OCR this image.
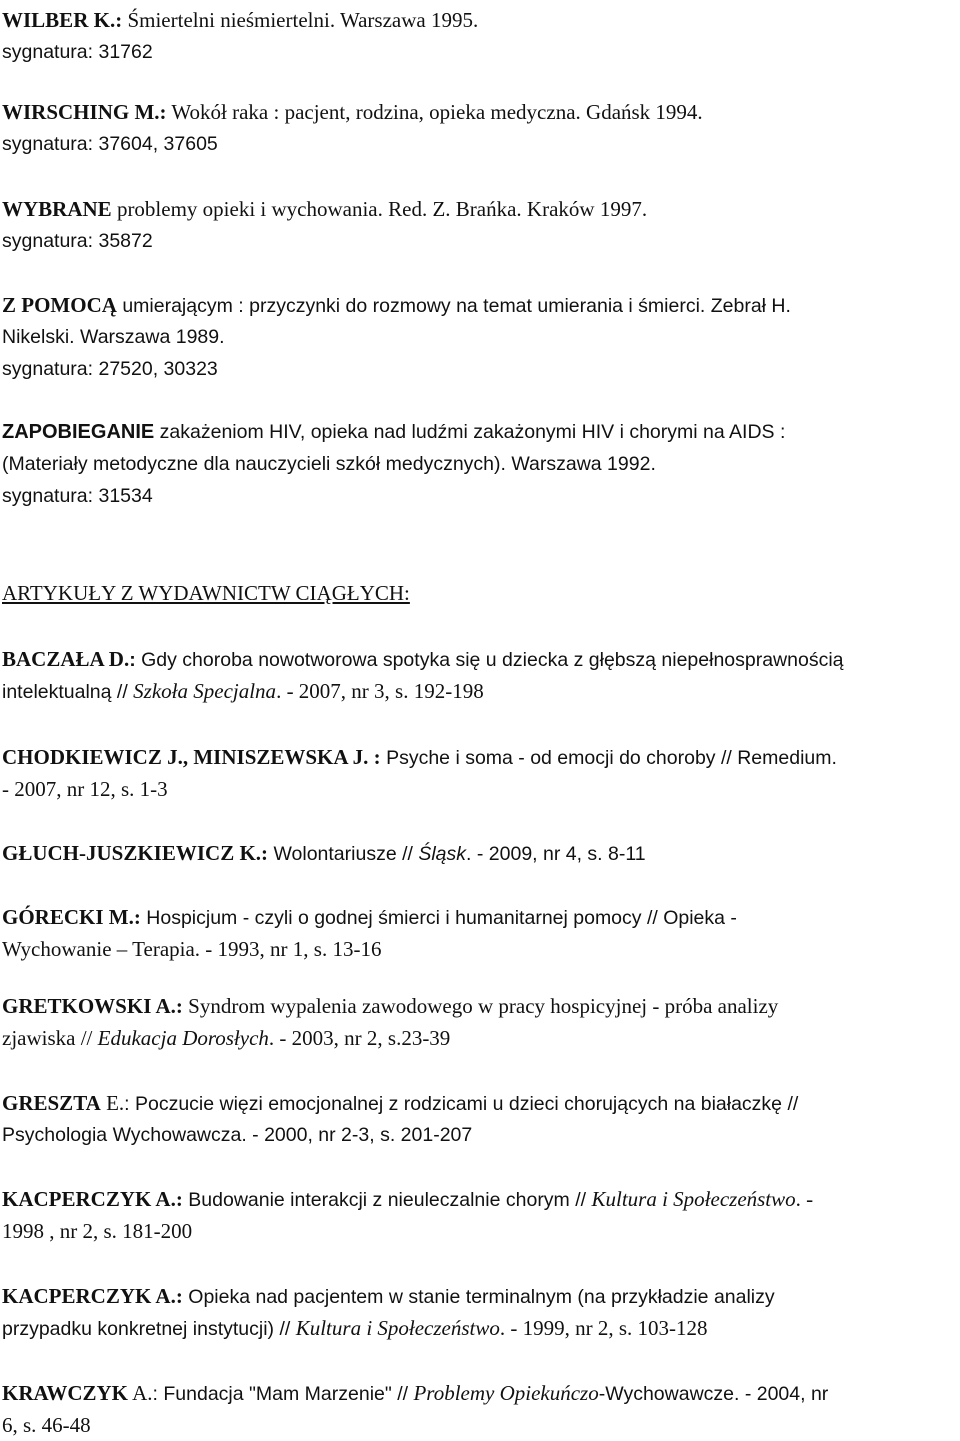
WILBER K.: Śmiertelni nieśmiertelni. Warszawa 1995.
sygnatura: 31762
WIRSCHING M.: Wokół raka : pacjent, rodzina, opieka medyczna. Gdańsk 1994.
sygnatura: 37604, 37605
WYBRANE problemy opieki i wychowania. Red. Z. Brańka. Kraków 1997.
sygnatura: 35872
Z POMOCĄ umierającym : przyczynki do rozmowy na temat umierania i śmierci. Zebrał H.
Nikelski. Warszawa 1989.
sygnatura: 27520, 30323
ZAPOBIEGANIE zakażeniom HIV, opieka nad ludźmi zakażonymi HIV i chorymi na AIDS :
(Materiały metodyczne dla nauczycieli szkół medycznych). Warszawa 1992.
sygnatura: 31534
ARTYKUŁY Z WYDAWNICTW CIĄGŁYCH:
BACZAŁA D.: Gdy choroba nowotworowa spotyka się u dziecka z głębszą niepełnosprawnością
intelektualną // Szkoła Specjalna. - 2007, nr 3, s. 192-198
CHODKIEWICZ J., MINISZEWSKA J. : Psyche i soma - od emocji do choroby // Remedium.
- 2007, nr 12, s. 1-3
GŁUCH-JUSZKIEWICZ K.: Wolontariusze // Śląsk. - 2009, nr 4, s. 8-11
GÓRECKI M.: Hospicjum - czyli o godnej śmierci i humanitarnej pomocy // Opieka -
Wychowanie – Terapia. - 1993, nr 1, s. 13-16
GRETKOWSKI A.: Syndrom wypalenia zawodowego w pracy hospicyjnej - próba analizy
zjawiska // Edukacja Dorosłych. - 2003, nr 2, s.23-39
GRESZTA E.: Poczucie więzi emocjonalnej z rodzicami u dzieci chorujących na białaczkę //
Psychologia Wychowawcza. - 2000, nr 2-3, s. 201-207
KACPERCZYK A.: Budowanie interakcji z nieuleczalnie chorym // Kultura i Społeczeństwo. -
1998 , nr 2, s. 181-200
KACPERCZYK A.: Opieka nad pacjentem w stanie terminalnym (na przykładzie analizy
przypadku konkretnej instytucji) // Kultura i Społeczeństwo. - 1999, nr 2, s. 103-128
KRAWCZYK A.: Fundacja "Mam Marzenie" // Problemy Opiekuńczo-Wychowawcze. - 2004, nr
6, s. 46-48
